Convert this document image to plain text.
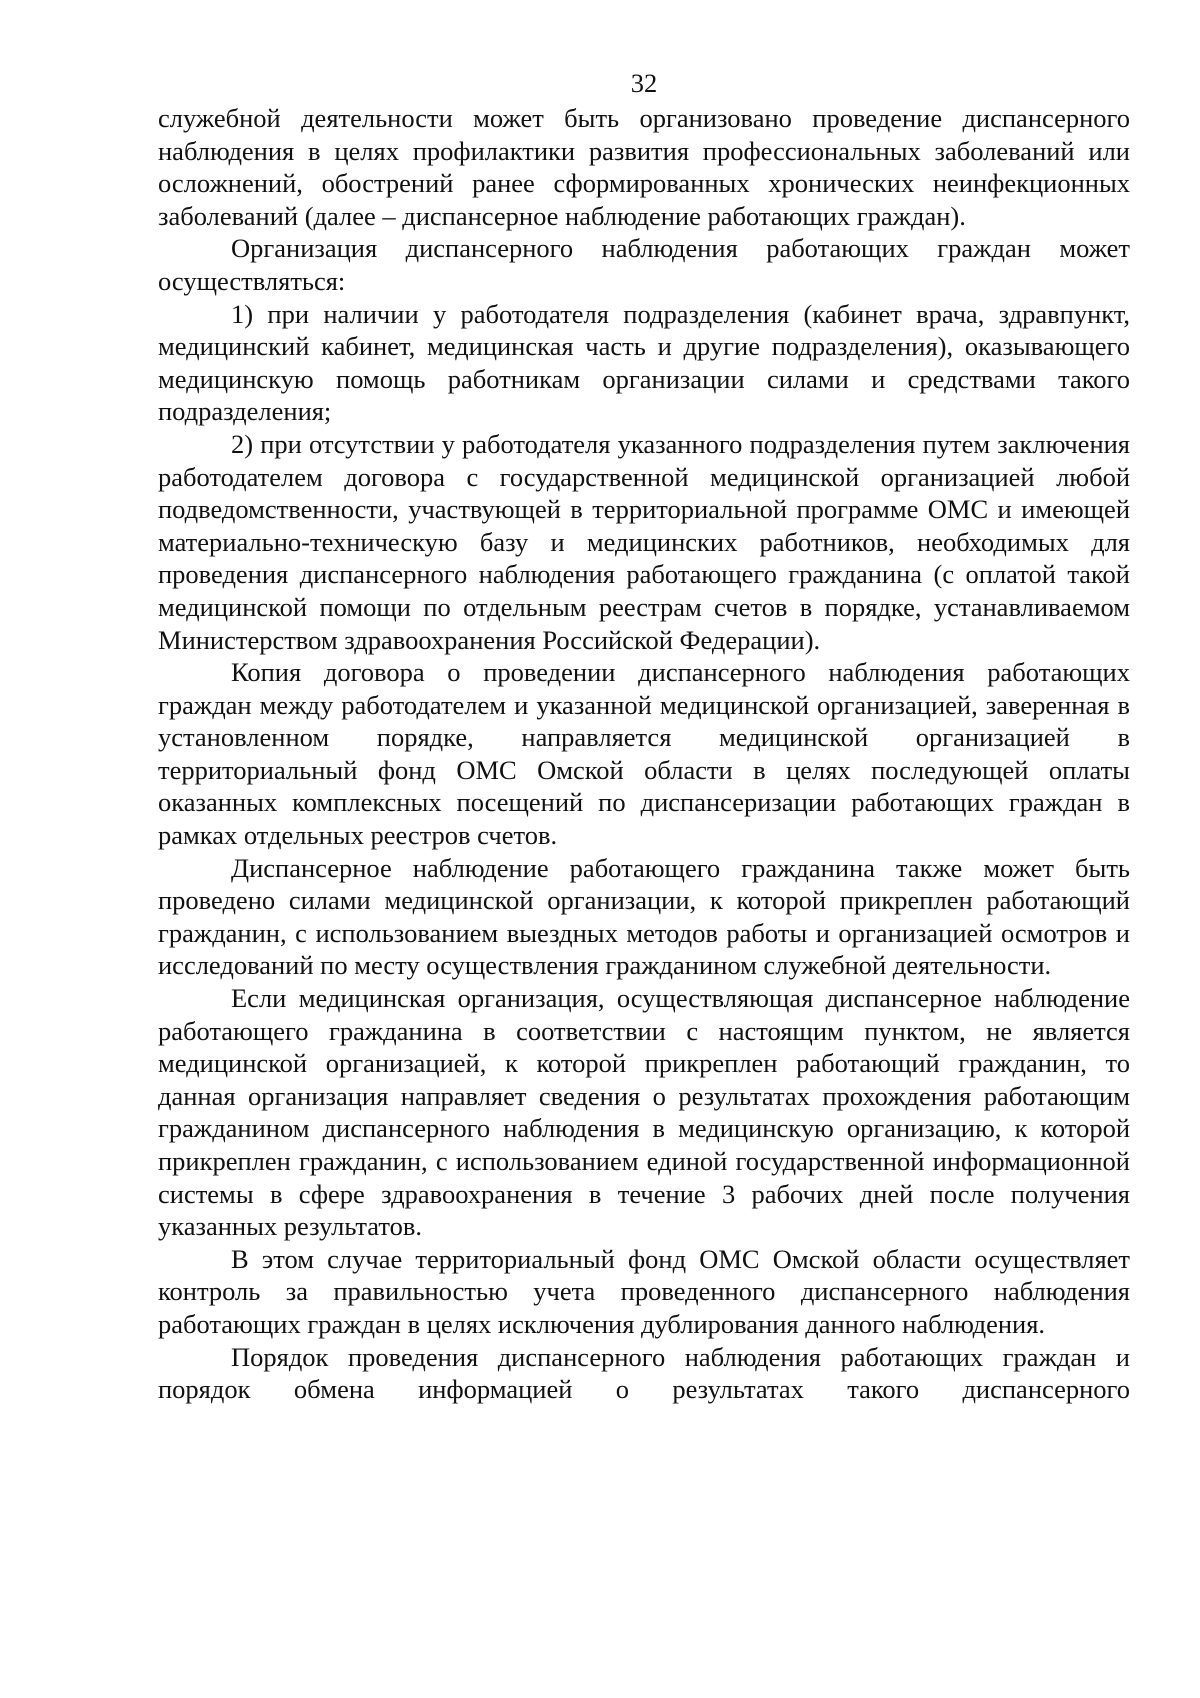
32

служебной деятельности может быть организовано проведение диспансерного наблюдения в целях профилактики развития профессиональных заболеваний или осложнений, обострений ранее сформированных хронических неинфекционных заболеваний (далее – диспансерное наблюдение работающих граждан).

Организация диспансерного наблюдения работающих граждан может осуществляться:

1) при наличии у работодателя подразделения (кабинет врача, здравпункт, медицинский кабинет, медицинская часть и другие подразделения), оказывающего медицинскую помощь работникам организации силами и средствами такого подразделения;

2) при отсутствии у работодателя указанного подразделения путем заключения работодателем договора с государственной медицинской организацией любой подведомственности, участвующей в территориальной программе ОМС и имеющей материально-техническую базу и медицинских работников, необходимых для проведения диспансерного наблюдения работающего гражданина (с оплатой такой медицинской помощи по отдельным реестрам счетов в порядке, устанавливаемом Министерством здравоохранения Российской Федерации).

Копия договора о проведении диспансерного наблюдения работающих граждан между работодателем и указанной медицинской организацией, заверенная в установленном порядке, направляется медицинской организацией в территориальный фонд ОМС Омской области в целях последующей оплаты оказанных комплексных посещений по диспансеризации работающих граждан в рамках отдельных реестров счетов.

Диспансерное наблюдение работающего гражданина также может быть проведено силами медицинской организации, к которой прикреплен работающий гражданин, с использованием выездных методов работы и организацией осмотров и исследований по месту осуществления гражданином служебной деятельности.

Если медицинская организация, осуществляющая диспансерное наблюдение работающего гражданина в соответствии с настоящим пунктом, не является медицинской организацией, к которой прикреплен работающий гражданин, то данная организация направляет сведения о результатах прохождения работающим гражданином диспансерного наблюдения в медицинскую организацию, к которой прикреплен гражданин, с использованием единой государственной информационной системы в сфере здравоохранения в течение 3 рабочих дней после получения указанных результатов.

В этом случае территориальный фонд ОМС Омской области осуществляет контроль за правильностью учета проведенного диспансерного наблюдения работающих граждан в целях исключения дублирования данного наблюдения.

Порядок проведения диспансерного наблюдения работающих граждан и порядок обмена информацией о результатах такого диспансерного
